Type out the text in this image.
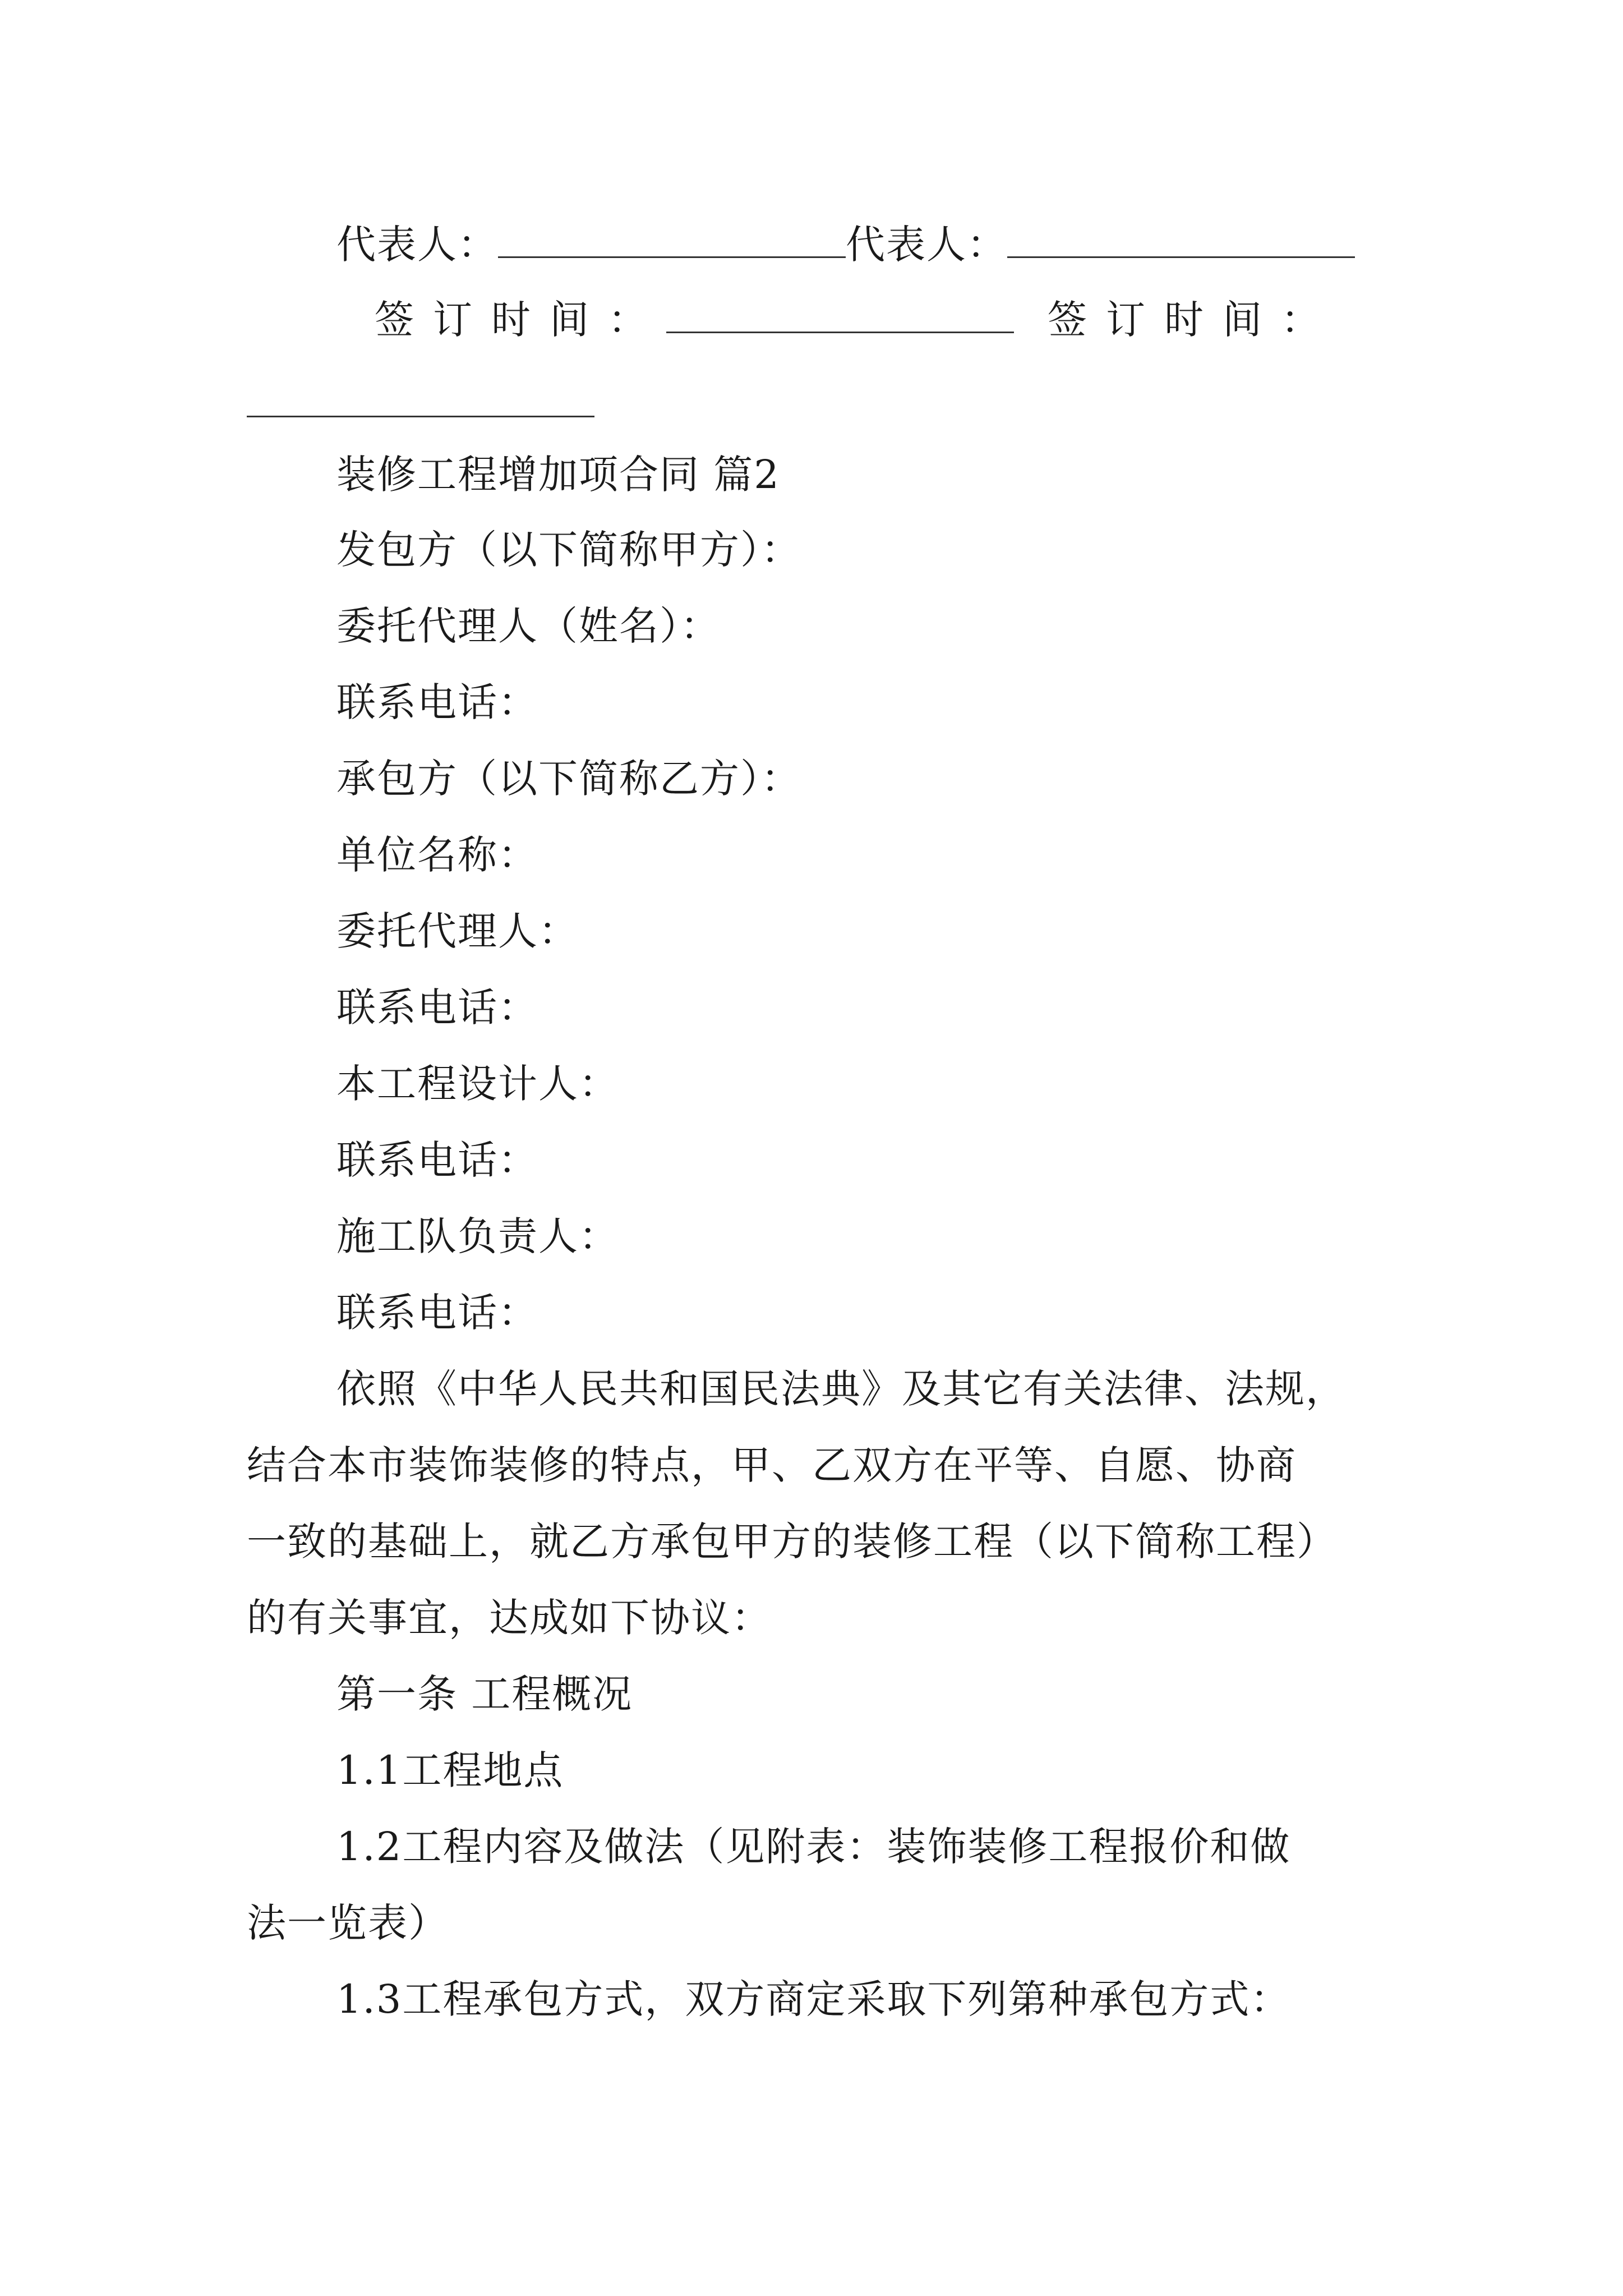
代表人：	代表人：
签订时间：	签订时间：
装修工程增加项合同 篇2
发包方（以下简称甲方）：
委托代理人（姓名）：
联系电话：
承包方（以下简称乙方）：
单位名称：
委托代理人：
联系电话：
本工程设计人：
联系电话：
施工队负责人：
联系电话：
依照《中华人民共和国民法典》及其它有关法律、法规，
结合本市装饰装修的特点，甲、乙双方在平等、自愿、协商
一致的基础上，就乙方承包甲方的装修工程（以下简称工程）
的有关事宜，达成如下协议：
第一条 工程概况
1.1工程地点
1.2工程内容及做法（见附表：装饰装修工程报价和做
法一览表）
1.3工程承包方式，双方商定采取下列第种承包方式：
